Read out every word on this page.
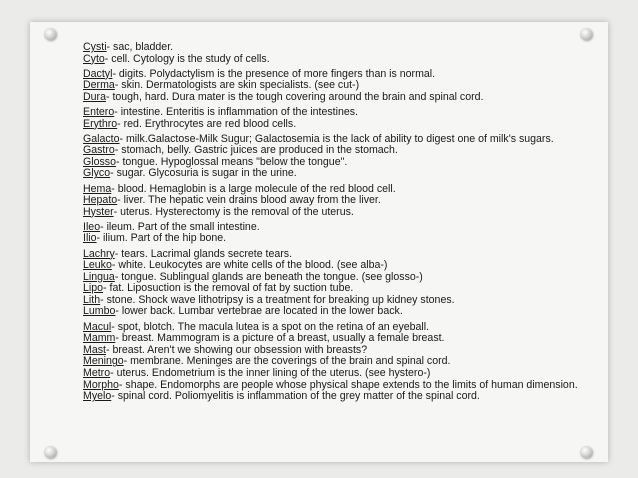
Cysti- sac, bladder.
Cyto- cell. Cytology is the study of cells.
Dactyl- digits. Polydactylism is the presence of more fingers than is normal.
Derma- skin. Dermatologists are skin specialists. (see cut-)
Dura- tough, hard. Dura mater is the tough covering around the brain and spinal cord.
Entero- intestine. Enteritis is inflammation of the intestines.
Erythro- red. Erythrocytes are red blood cells.
Galacto- milk.Galactose-Milk Sugur; Galactosemia is the lack of ability to digest one of milk's sugars.
Gastro- stomach, belly. Gastric juices are produced in the stomach.
Glosso- tongue. Hypoglossal means "below the tongue".
Glyco- sugar. Glycosuria is sugar in the urine.
Hema- blood. Hemaglobin is a large molecule of the red blood cell.
Hepato- liver. The hepatic vein drains blood away from the liver.
Hyster- uterus. Hysterectomy is the removal of the uterus.
Ileo- ileum. Part of the small intestine.
Ilio- ilium. Part of the hip bone.
Lachry- tears. Lacrimal glands secrete tears.
Leuko- white. Leukocytes are white cells of the blood. (see alba-)
Lingua- tongue. Sublingual glands are beneath the tongue. (see glosso-)
Lipo- fat. Liposuction is the removal of fat by suction tube.
Lith- stone. Shock wave lithotripsy is a treatment for breaking up kidney stones.
Lumbo- lower back. Lumbar vertebrae are located in the lower back.
Macul- spot, blotch. The macula lutea is a spot on the retina of an eyeball.
Mamm- breast. Mammogram is a picture of a breast, usually a female breast.
Mast- breast. Aren't we showing our obsession with breasts?
Meningo- membrane. Meninges are the coverings of the brain and spinal cord.
Metro- uterus. Endometrium is the inner lining of the uterus. (see hystero-)
Morpho- shape. Endomorphs are people whose physical shape extends to the limits of human dimension.
Myelo- spinal cord. Poliomyelitis is inflammation of the grey matter of the spinal cord.
